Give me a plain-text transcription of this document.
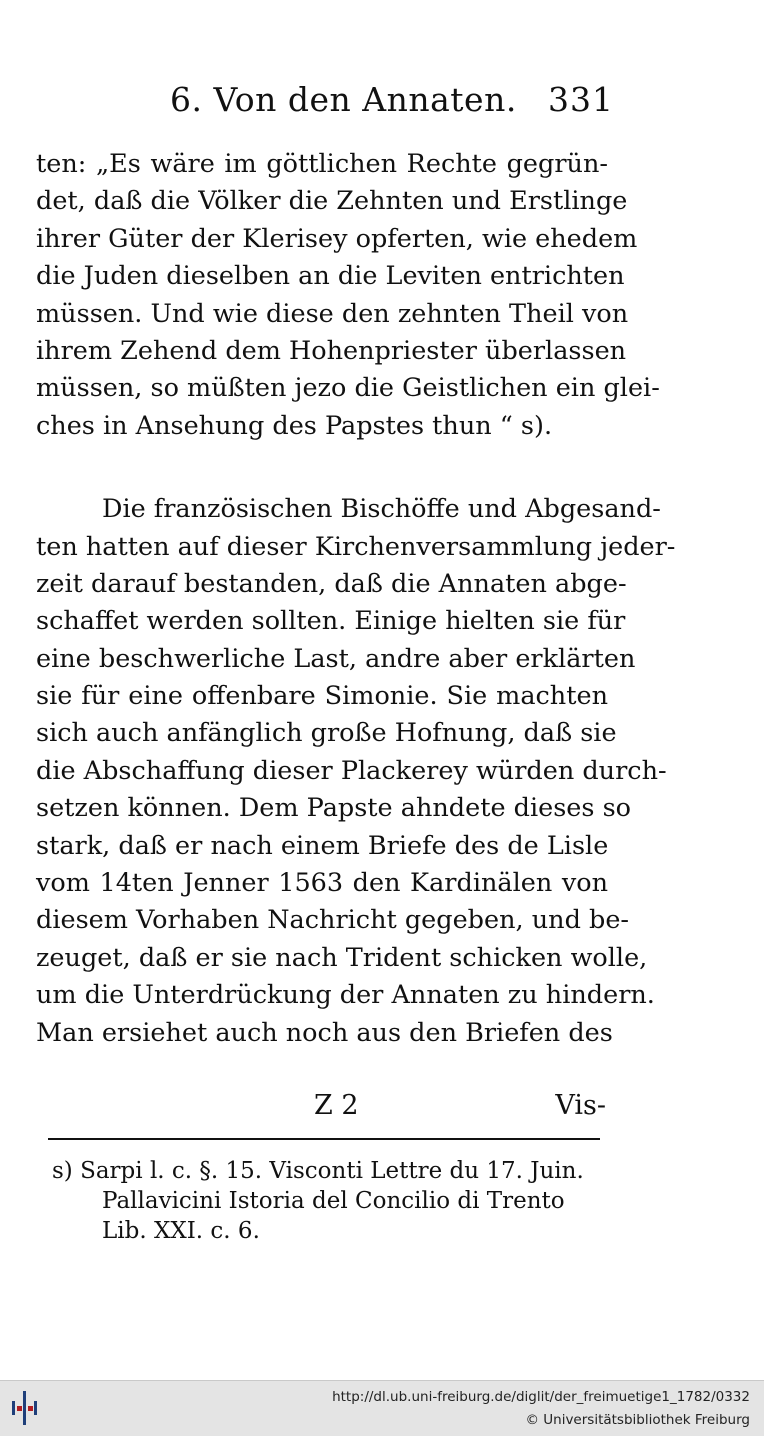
6. Von den Annaten. 331
ten: „Es wäre im göttlichen Rechte gegrün-
det, daß die Völker die Zehnten und Erstlinge
ihrer Güter der Klerisey opferten, wie ehedem
die Juden dieselben an die Leviten entrichten
müssen. Und wie diese den zehnten Theil von
ihrem Zehend dem Hohenpriester überlassen
müssen, so müßten jezo die Geistlichen ein glei-
ches in Ansehung des Papstes thun “ s).
Die französischen Bischöffe und Abgesand-
ten hatten auf dieser Kirchenversammlung jeder-
zeit darauf bestanden, daß die Annaten abge-
schaffet werden sollten. Einige hielten sie für
eine beschwerliche Last, andre aber erklärten
sie für eine offenbare Simonie. Sie machten
sich auch anfänglich große Hofnung, daß sie
die Abschaffung dieser Plackerey würden durch-
setzen können. Dem Papste ahndete dieses so
stark, daß er nach einem Briefe des de Lisle
vom 14ten Jenner 1563 den Kardinälen von
diesem Vorhaben Nachricht gegeben, und be-
zeuget, daß er sie nach Trident schicken wolle,
um die Unterdrückung der Annaten zu hindern.
Man ersiehet auch noch aus den Briefen des
Z 2	Vis-
s) Sarpi l. c. §. 15. Visconti Lettre du 17. Juin.
Pallavicini Istoria del Concilio di Trento
Lib. XXI. c. 6.
http://dl.ub.uni-freiburg.de/diglit/der_freimuetige1_1782/0332
© Universitätsbibliothek Freiburg
